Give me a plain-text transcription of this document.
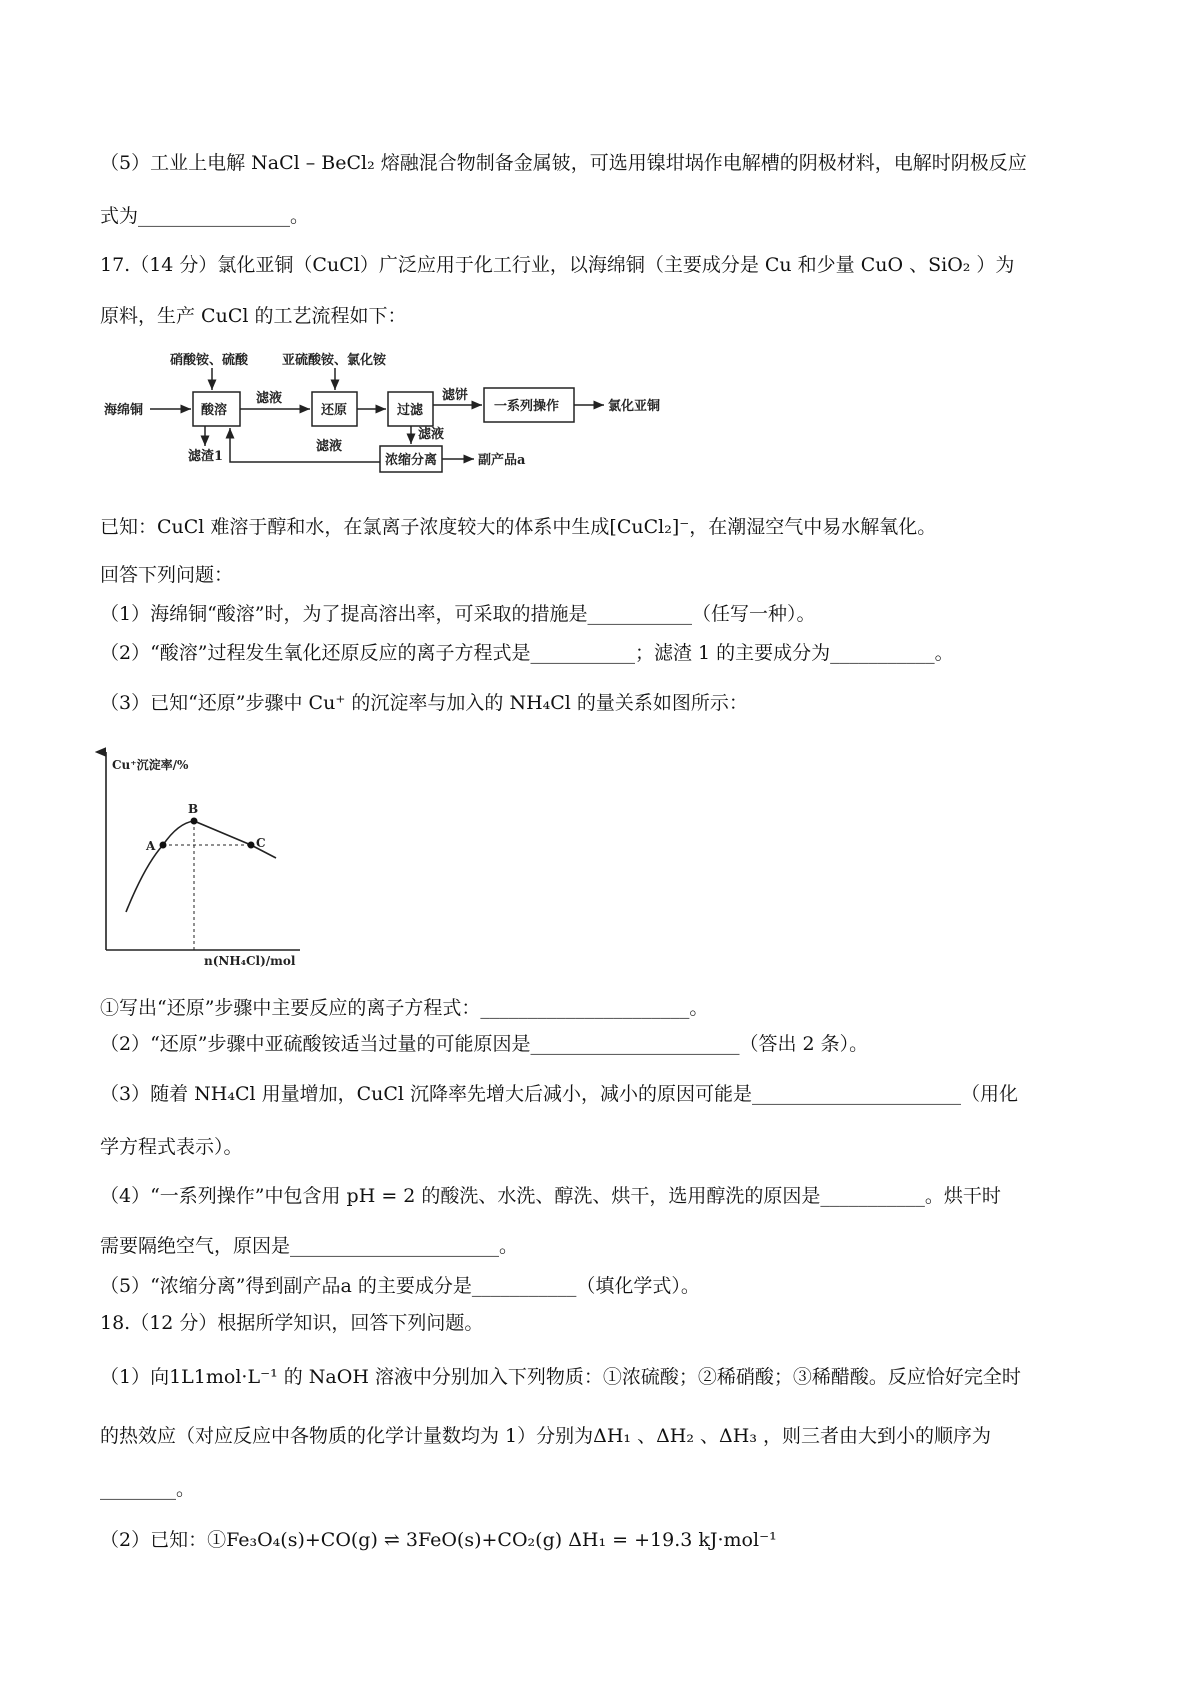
（5）工业上电解 NaCl – BeCl₂ 熔融混合物制备金属铍，可选用镍坩埚作电解槽的阴极材料，电解时阴极反应
式为________________。
17.（14 分）氯化亚铜（CuCl）广泛应用于化工行业，以海绵铜（主要成分是 Cu 和少量 CuO 、SiO₂ ）为
原料，生产 CuCl 的工艺流程如下：
海绵铜
硝酸铵、硫酸	亚硫酸铵、氯化铵
酸溶	还原	过滤	一系列操作
浓缩分离
滤液	滤饼
滤液
滤液
滤渣1
氯化亚铜
副产品a
已知：CuCl 难溶于醇和水，在氯离子浓度较大的体系中生成[CuCl₂]⁻，在潮湿空气中易水解氧化。
回答下列问题：
（1）海绵铜“酸溶”时，为了提高溶出率，可采取的措施是___________（任写一种）。
（2）“酸溶”过程发生氧化还原反应的离子方程式是___________；滤渣 1 的主要成分为___________。
（3）已知“还原”步骤中 Cu⁺ 的沉淀率与加入的 NH₄Cl 的量关系如图所示：
Cu⁺沉淀率/%
B
A	C
n(NH₄Cl)/mol
①写出“还原”步骤中主要反应的离子方程式：______________________。
（2）“还原”步骤中亚硫酸铵适当过量的可能原因是______________________（答出 2 条）。
（3）随着 NH₄Cl 用量增加，CuCl 沉降率先增大后减小，减小的原因可能是______________________（用化
学方程式表示）。
（4）“一系列操作”中包含用 pH = 2 的酸洗、水洗、醇洗、烘干，选用醇洗的原因是___________。烘干时
需要隔绝空气，原因是______________________。
（5）“浓缩分离”得到副产品a 的主要成分是___________（填化学式）。
18.（12 分）根据所学知识，回答下列问题。
（1）向1L1mol·L⁻¹ 的 NaOH 溶液中分别加入下列物质：①浓硫酸；②稀硝酸；③稀醋酸。反应恰好完全时
的热效应（对应反应中各物质的化学计量数均为 1）分别为ΔH₁ 、ΔH₂ 、ΔH₃ ，则三者由大到小的顺序为
________。
（2）已知：①Fe₃O₄(s)+CO(g) ⇌ 3FeO(s)+CO₂(g) ΔH₁ = +19.3 kJ·mol⁻¹
